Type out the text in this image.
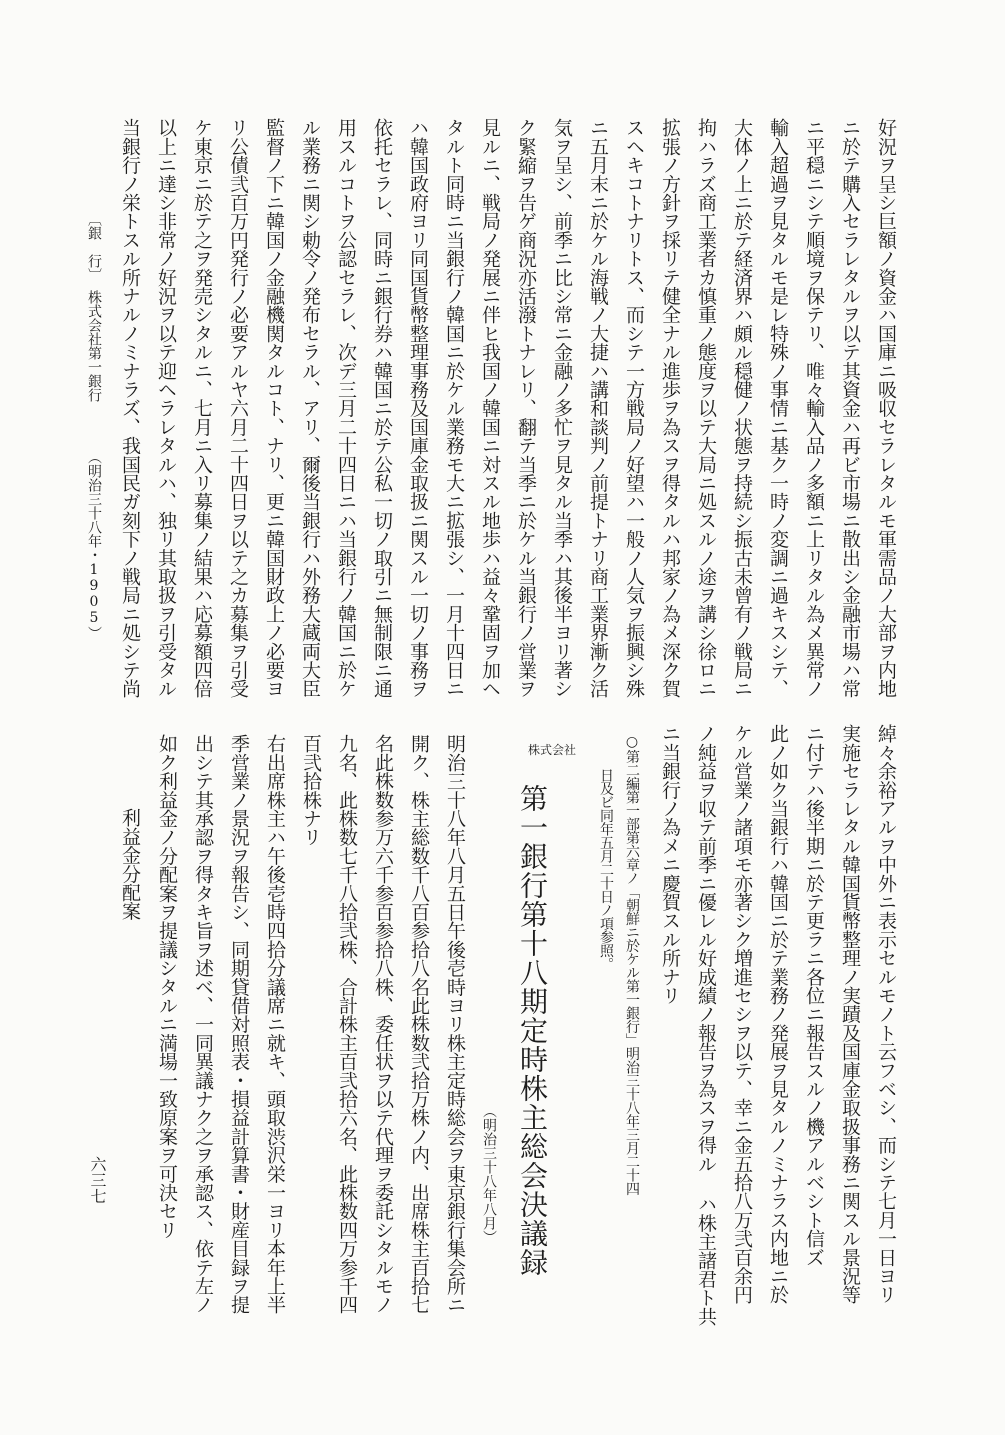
好況ヲ呈シ巨額ノ資金ハ国庫ニ吸収セラレタルモ軍需品ノ大部ヲ内地
ニ於テ購入セラレタルヲ以テ其資金ハ再ビ市場ニ散出シ金融市場ハ常
ニ平穏ニシテ順境ヲ保テリ、唯々輸入品ノ多額ニ上リタル為メ異常ノ
輸入超過ヲ見タルモ是レ特殊ノ事情ニ基ク一時ノ変調ニ過キスシテ、
大体ノ上ニ於テ経済界ハ頗ル穏健ノ状態ヲ持続シ振古未曾有ノ戦局ニ
拘ハラズ商工業者カ慎重ノ態度ヲ以テ大局ニ処スルノ途ヲ講シ徐ロニ
拡張ノ方針ヲ採リテ健全ナル進歩ヲ為スヲ得タルハ邦家ノ為メ深ク賀
スヘキコトナリトス、而シテ一方戦局ノ好望ハ一般ノ人気ヲ振興シ殊
ニ五月末ニ於ケル海戦ノ大捷ハ講和談判ノ前提トナリ商工業界漸ク活
気ヲ呈シ、前季ニ比シ常ニ金融ノ多忙ヲ見タル当季ハ其後半ヨリ著シ
ク緊縮ヲ告ゲ商況亦活潑トナレリ、翻テ当季ニ於ケル当銀行ノ営業ヲ
見ルニ、戦局ノ発展ニ伴ヒ我国ノ韓国ニ対スル地歩ハ益々鞏固ヲ加ヘ
タルト同時ニ当銀行ノ韓国ニ於ケル業務モ大ニ拡張シ、一月十四日ニ
ハ韓国政府ヨリ同国貨幣整理事務及国庫金取扱ニ関スル一切ノ事務ヲ
依托セラレ、同時ニ銀行券ハ韓国ニ於テ公私一切ノ取引ニ無制限ニ通
用スルコトヲ公認セラレ、次デ三月二十四日ニハ当銀行ノ韓国ニ於ケ
ル業務ニ関シ勅令ノ発布セラル、アリ、爾後当銀行ハ外務大蔵両大臣
監督ノ下ニ韓国ノ金融機関タルコト、ナリ、更ニ韓国財政上ノ必要ヨ
リ公債弐百万円発行ノ必要アルヤ六月二十四日ヲ以テ之カ募集ヲ引受
ケ東京ニ於テ之ヲ発売シタルニ、七月ニ入リ募集ノ結果ハ応募額四倍
以上ニ達シ非常ノ好況ヲ以テ迎ヘラレタルハ、独リ其取扱ヲ引受タル
当銀行ノ栄トスル所ナルノミナラズ、我国民ガ刻下ノ戦局ニ処シテ尚
〔銀　行〕
株式会社第一銀行
（明治三十八年・1905）
綽々余裕アルヲ中外ニ表示セルモノト云フベシ、而シテ七月一日ヨリ
実施セラレタル韓国貨幣整理ノ実蹟及国庫金取扱事務ニ関スル景況等
ニ付テハ後半期ニ於テ更ラニ各位ニ報告スルノ機アルベシト信ズ
此ノ如ク当銀行ハ韓国ニ於テ業務ノ発展ヲ見タルノミナラス内地ニ於
ケル営業ノ諸項モ亦著シク増進セシヲ以テ、幸ニ金五拾八万弐百余円
ノ純益ヲ収テ前季ニ優レル好成績ノ報告ヲ為スヲ得ル ハ株主諸君ト共
ニ当銀行ノ為メニ慶賀スル所ナリ
○第二編第一部第六章ノ「朝鮮ニ於ケル第一銀行」明治三十八年三月二十四
日及ビ同年五月二十日ノ項参照。
株式会社
第一銀行第十八期定時株主総会決議録
（明治三十八年八月）
明治三十八年八月五日午後壱時ヨリ株主定時総会ヲ東京銀行集会所ニ
開ク、株主総数千八百参拾八名此株数弐拾万株ノ内、出席株主百拾七
名此株数参万六千参百参拾八株、委任状ヲ以テ代理ヲ委託シタルモノ
九名、此株数七千八拾弐株、合計株主百弐拾六名、此株数四万参千四
百弐拾株ナリ
右出席株主ハ午後壱時四拾分議席ニ就キ、頭取渋沢栄一ヨリ本年上半
季営業ノ景況ヲ報告シ、同期貸借対照表・損益計算書・財産目録ヲ提
出シテ其承認ヲ得タキ旨ヲ述ベ、一同異議ナク之ヲ承認ス、依テ左ノ
如ク利益金ノ分配案ヲ提議シタルニ満場一致原案ヲ可決セリ
利益金分配案
六三七
